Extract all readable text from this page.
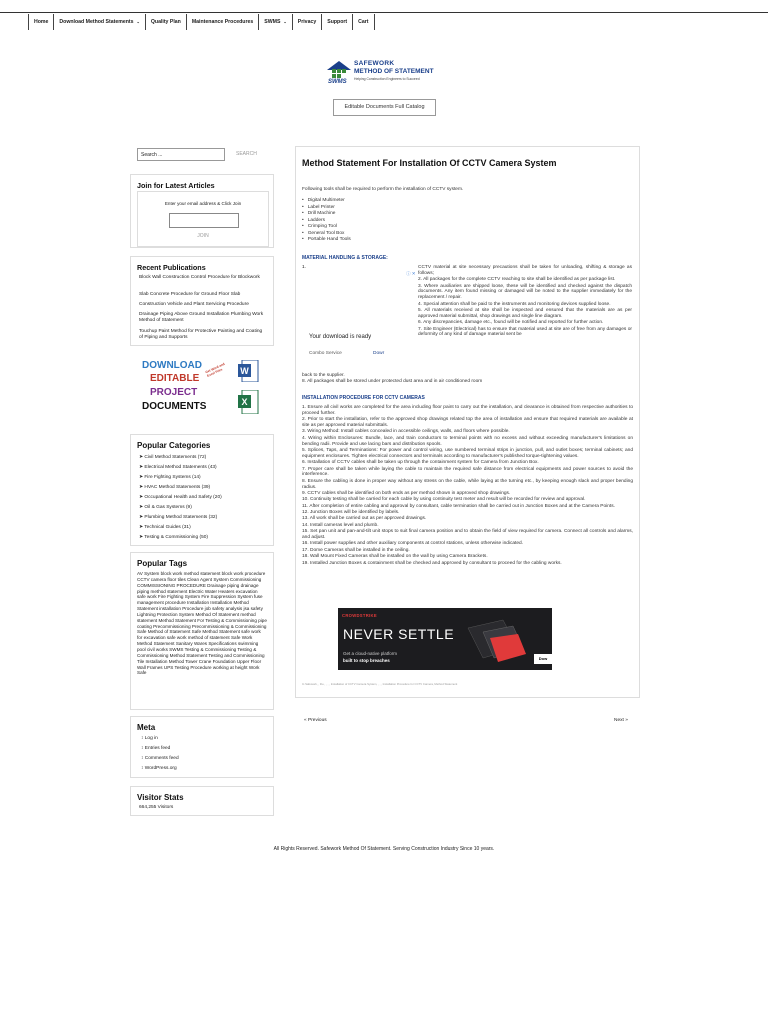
Home	Download Method Statements ⌄	Quality Plan	Maintenance Procedures	SWMS ⌄	Privacy	Support	Cart
SAFEWORK
METHOD OF STATEMENT
Helping Construction Engineers to Succeed
SWMS
Editable Documents Full Catalog
Search ...	SEARCH
Join for Latest Articles
Enter your email address & Click Join
JOIN
Recent Publications
Block Wall Construction Control Procedure for Blockwork
Slab Concrete Procedure for Ground Floor Slab
Construction Vehicle and Plant Servicing Procedure
Drainage Piping Above Ground Installation Plumbing Work Method of Statement
Touchup Paint Method for Protective Painting and Coating of Piping and Supports
DOWNLOAD
EDITABLE
PROJECT
DOCUMENTS
Get Word and Excel Files	W
X
Popular Categories
➤ Civil Method Statements (72)
➤ Electrical Method Statements (43)
➤ Fire Fighting Systems (14)
➤ HVAC Method Statements (39)
➤ Occupational Health and Safety (20)
➤ Oil & Gas Systems (9)
➤ Plumbing Method Statements (32)
➤ Technical Guides (31)
➤ Testing & Commissioning (50)
Popular Tags
AV System block work method statement block work procedure CCTV camera floor tiles Clean Agent System Commissioning COMMISSIONING PROCEDURE Drainage piping drainage piping method statement Electric Water Heaters excavation safe work Fire Fighting System Fire Suppression System fuse management procedure Installation Installation Method Statement installation Procedure job safety analysis jsa safety Lightning Protection System Method Of Statement method statement Method Statement For Testing & Commissioning pipe coating Precommissioning Precommissioning & Commissioning Safe Method of Statement Safe Method Statement safe work for excavation safe work method of statement Safe Work Method Statement Sanitary Wares Specifications swimming pool civil works SWMS Testing & Commissioning Testing & Commissioning Method Statement Testing and Commissioning Tile Installation Method Tower Crane Foundation Upper Floor Wall Frames UPS Testing Procedure working at height Work Safe
Meta
↕ Log in
↕ Entries feed
↕ Comments feed
↕ WordPress.org
Visitor Stats
664,255 Visitors
Method Statement For Installation Of CCTV Camera System
Following tools shall be required to perform the installation of CCTV system.
• Digital Multimeter
• Label Printer
• Drill Machine
• Ladders
• Crimping Tool
• General Tool Box
• Portable Hand Tools
MATERIAL HANDLING & STORAGE:
1.
ⓘ ✕
CCTV material at site necessary precautions shall be taken for unloading, shifting & storage as follows;
2. All packages for the complete CCTV reaching to site shall be identified as per package list.
3. Where auxiliaries are shipped loose, these will be identified and checked against the dispatch documents. Any item found missing or damaged will be noted to the supplier immediately for the replacement / repair.
4. Special attention shall be paid to the instruments and monitoring devices supplied loose.
5. All materials received at site shall be inspected and ensured that the materials are as per approved material submittal, shop drawings and single line diagram.
6. Any discrepancies, damage etc., found will be notified and reported for further action.
7. Site Engineer (Electrical) has to ensure that material used at site are of free from any damages or deformity of any kind of damage material sent be
Your download is ready
Combo Service	Dowr
back to the supplier.
8. All packages shall be stored under protected dust area and in air conditioned room
INSTALLATION PROCEDURE FOR CCTV CAMERAS
1. Ensure all civil works are completed for the area including floor paint to carry out the installation, and clearance is obtained from respective authorities to proceed further.
2. Prior to start the installation, refer to the approved shop drawings related top the area of installation and ensure that required materials are available at site as per approved material submittals.
3. Wiring Method: Install cables concealed in accessible ceilings, walls, and floors where possible.
4. Wiring within Enclosures: Bundle, lace, and train conductors to terminal points with no excess and without exceeding manufacturer's limitations on bending radii. Provide and use lacing bars and distribution spools.
5. Splices, Taps, and Terminations: For power and control wiring, use numbered terminal strips in junction, pull, and outlet boxes; terminal cabinets; and equipment enclosures. Tighten electrical connectors and terminals according to manufacturer's published torque-tightening values.
6. Installation of CCTV cables shall be taken up through the containment system for Camera from Junction Box.
7. Proper care shall be taken while laying the cable to maintain the required safe distance from electrical equipments and power sources to avoid the interference.
8. Ensure the cabling is done in proper way without any stress on the cable, while laying at the turning etc., by keeping enough slack and proper bending radius.
9. CCTV cables shall be identified on both ends as per method shown in approved shop drawings.
10. Continuity testing shall be carried for each cable by using continuity test meter and result will be recorded for review and approval.
11. After completion of entire cabling and approval by consultant, cable termination shall be carried out in Junction Boxes and at the Camera Points.
12. Junction Boxes will be identified by labels.
13. All work shall be carried out as per approved drawings.
14. Install cameras level and plumb.
15. Set pan unit and pan-and-tilt unit stops to suit final camera position and to obtain the field of view required for camera. Connect all controls and alarms, and adjust.
16. Install power supplies and other auxiliary components at control stations, unless otherwise indicated.
17. Dome Cameras shall be installed in the ceiling.
18. Wall Mount Fixed Cameras shall be installed on the wall by using Camera Brackets.
19. Installed Junction Boxes & containment shall be checked and approved by consultant to proceed for the cabling works.
CROWDSTRIKE
NEVER SETTLE
Get a cloud-native platform
built to stop breaches	Dow
In Safework, , the , , , , Installation of CCTV Camera System, , , , Installation Procedure for CCTV Camera, Method Statement
« Previous	Next »
All Rights Reserved. Safework Method Of Statement. Serving Construction Industry Since 10 years.
